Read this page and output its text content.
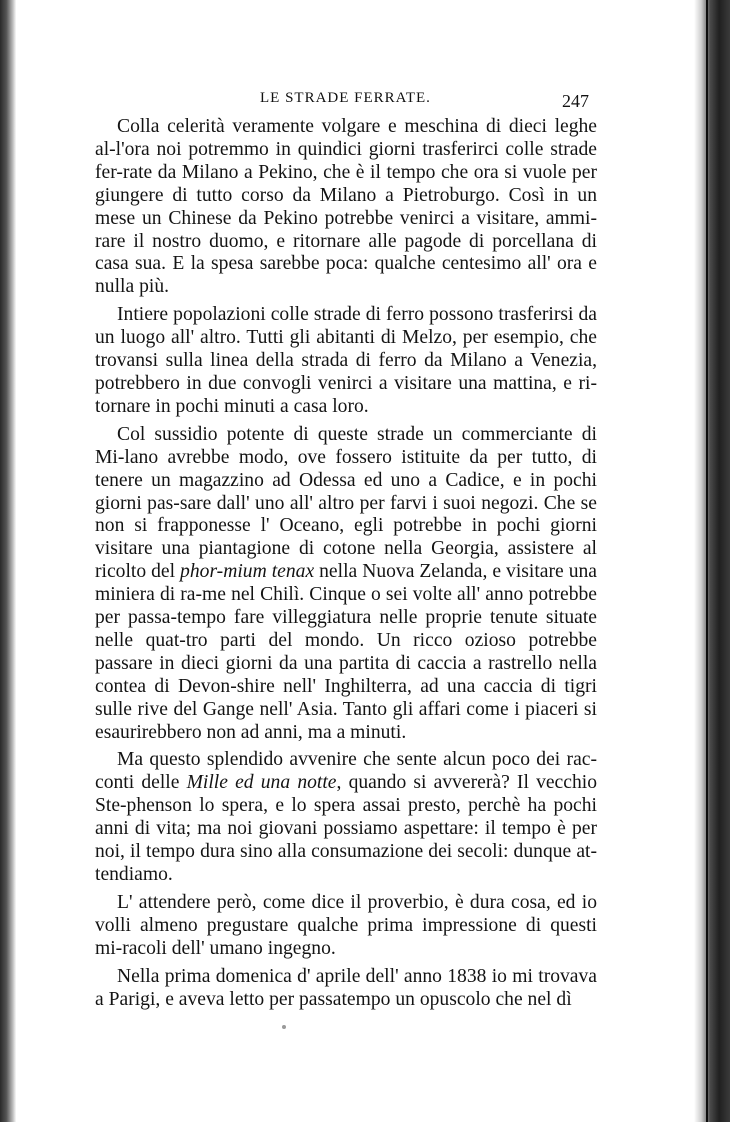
LE STRADE FERRATE.	247

Colla celerità veramente volgare e meschina di dieci leghe al-l'ora noi potremmo in quindici giorni trasferirci colle strade fer-rate da Milano a Pekino, che è il tempo che ora si vuole per giungere di tutto corso da Milano a Pietroburgo. Così in un mese un Chinese da Pekino potrebbe venirci a visitare, ammi-rare il nostro duomo, e ritornare alle pagode di porcellana di casa sua. E la spesa sarebbe poca: qualche centesimo all' ora e nulla più.

Intiere popolazioni colle strade di ferro possono trasferirsi da un luogo all' altro. Tutti gli abitanti di Melzo, per esempio, che trovansi sulla linea della strada di ferro da Milano a Venezia, potrebbero in due convogli venirci a visitare una mattina, e ri-tornare in pochi minuti a casa loro.

Col sussidio potente di queste strade un commerciante di Mi-lano avrebbe modo, ove fossero istituite da per tutto, di tenere un magazzino ad Odessa ed uno a Cadice, e in pochi giorni pas-sare dall' uno all' altro per farvi i suoi negozi. Che se non si frapponesse l' Oceano, egli potrebbe in pochi giorni visitare una piantagione di cotone nella Georgia, assistere al ricolto del phor-mium tenax nella Nuova Zelanda, e visitare una miniera di ra-me nel Chilì. Cinque o sei volte all' anno potrebbe per passa-tempo fare villeggiatura nelle proprie tenute situate nelle quat-tro parti del mondo. Un ricco ozioso potrebbe passare in dieci giorni da una partita di caccia a rastrello nella contea di Devon-shire nell' Inghilterra, ad una caccia di tigri sulle rive del Gange nell' Asia. Tanto gli affari come i piaceri si esaurirebbero non ad anni, ma a minuti.

Ma questo splendido avvenire che sente alcun poco dei rac-conti delle Mille ed una notte, quando si avvererà? Il vecchio Ste-phenson lo spera, e lo spera assai presto, perchè ha pochi anni di vita; ma noi giovani possiamo aspettare: il tempo è per noi, il tempo dura sino alla consumazione dei secoli: dunque at-tendiamo.

L' attendere però, come dice il proverbio, è dura cosa, ed io volli almeno pregustare qualche prima impressione di questi mi-racoli dell' umano ingegno.

Nella prima domenica d' aprile dell' anno 1838 io mi trovava a Parigi, e aveva letto per passatempo un opuscolo che nel dì
